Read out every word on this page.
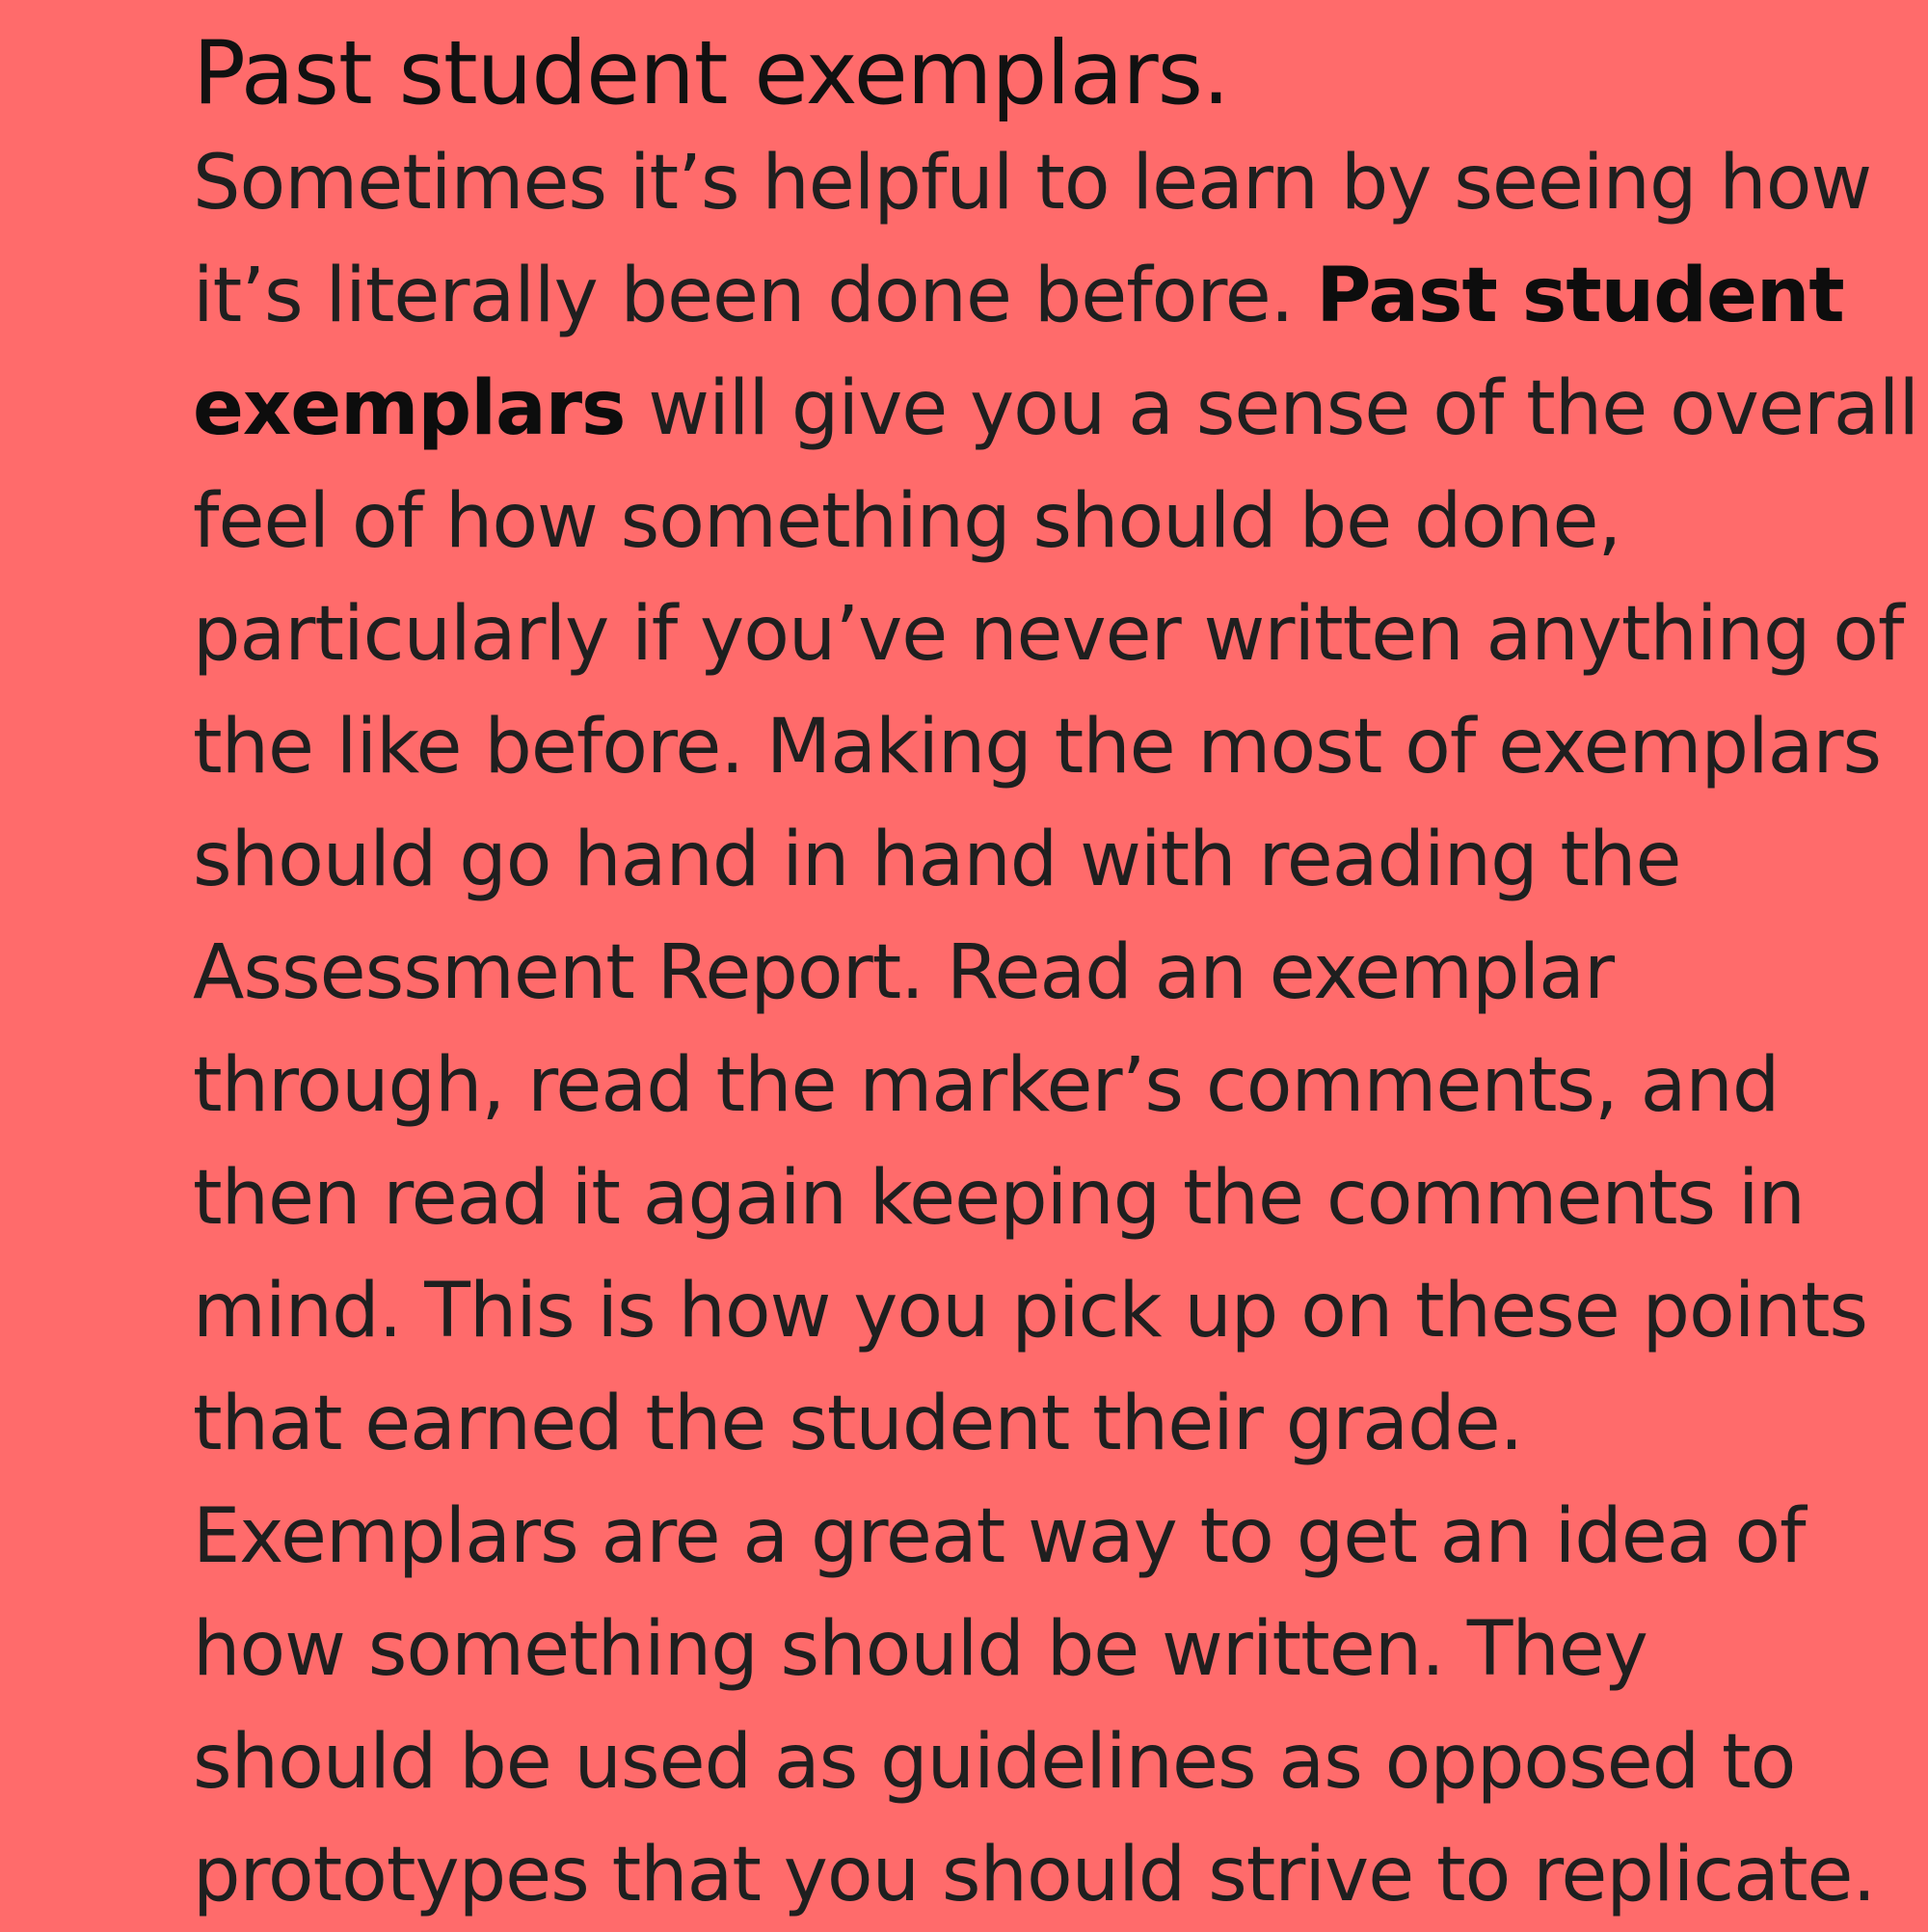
Past student exemplars.
Sometimes it’s helpful to learn by seeing how
it’s literally been done before. Past student
exemplars will give you a sense of the overall
feel of how something should be done,
particularly if you’ve never written anything of
the like before. Making the most of exemplars
should go hand in hand with reading the
Assessment Report. Read an exemplar
through, read the marker’s comments, and
then read it again keeping the comments in
mind. This is how you pick up on these points
that earned the student their grade.
Exemplars are a great way to get an idea of
how something should be written. They
should be used as guidelines as opposed to
prototypes that you should strive to replicate.
